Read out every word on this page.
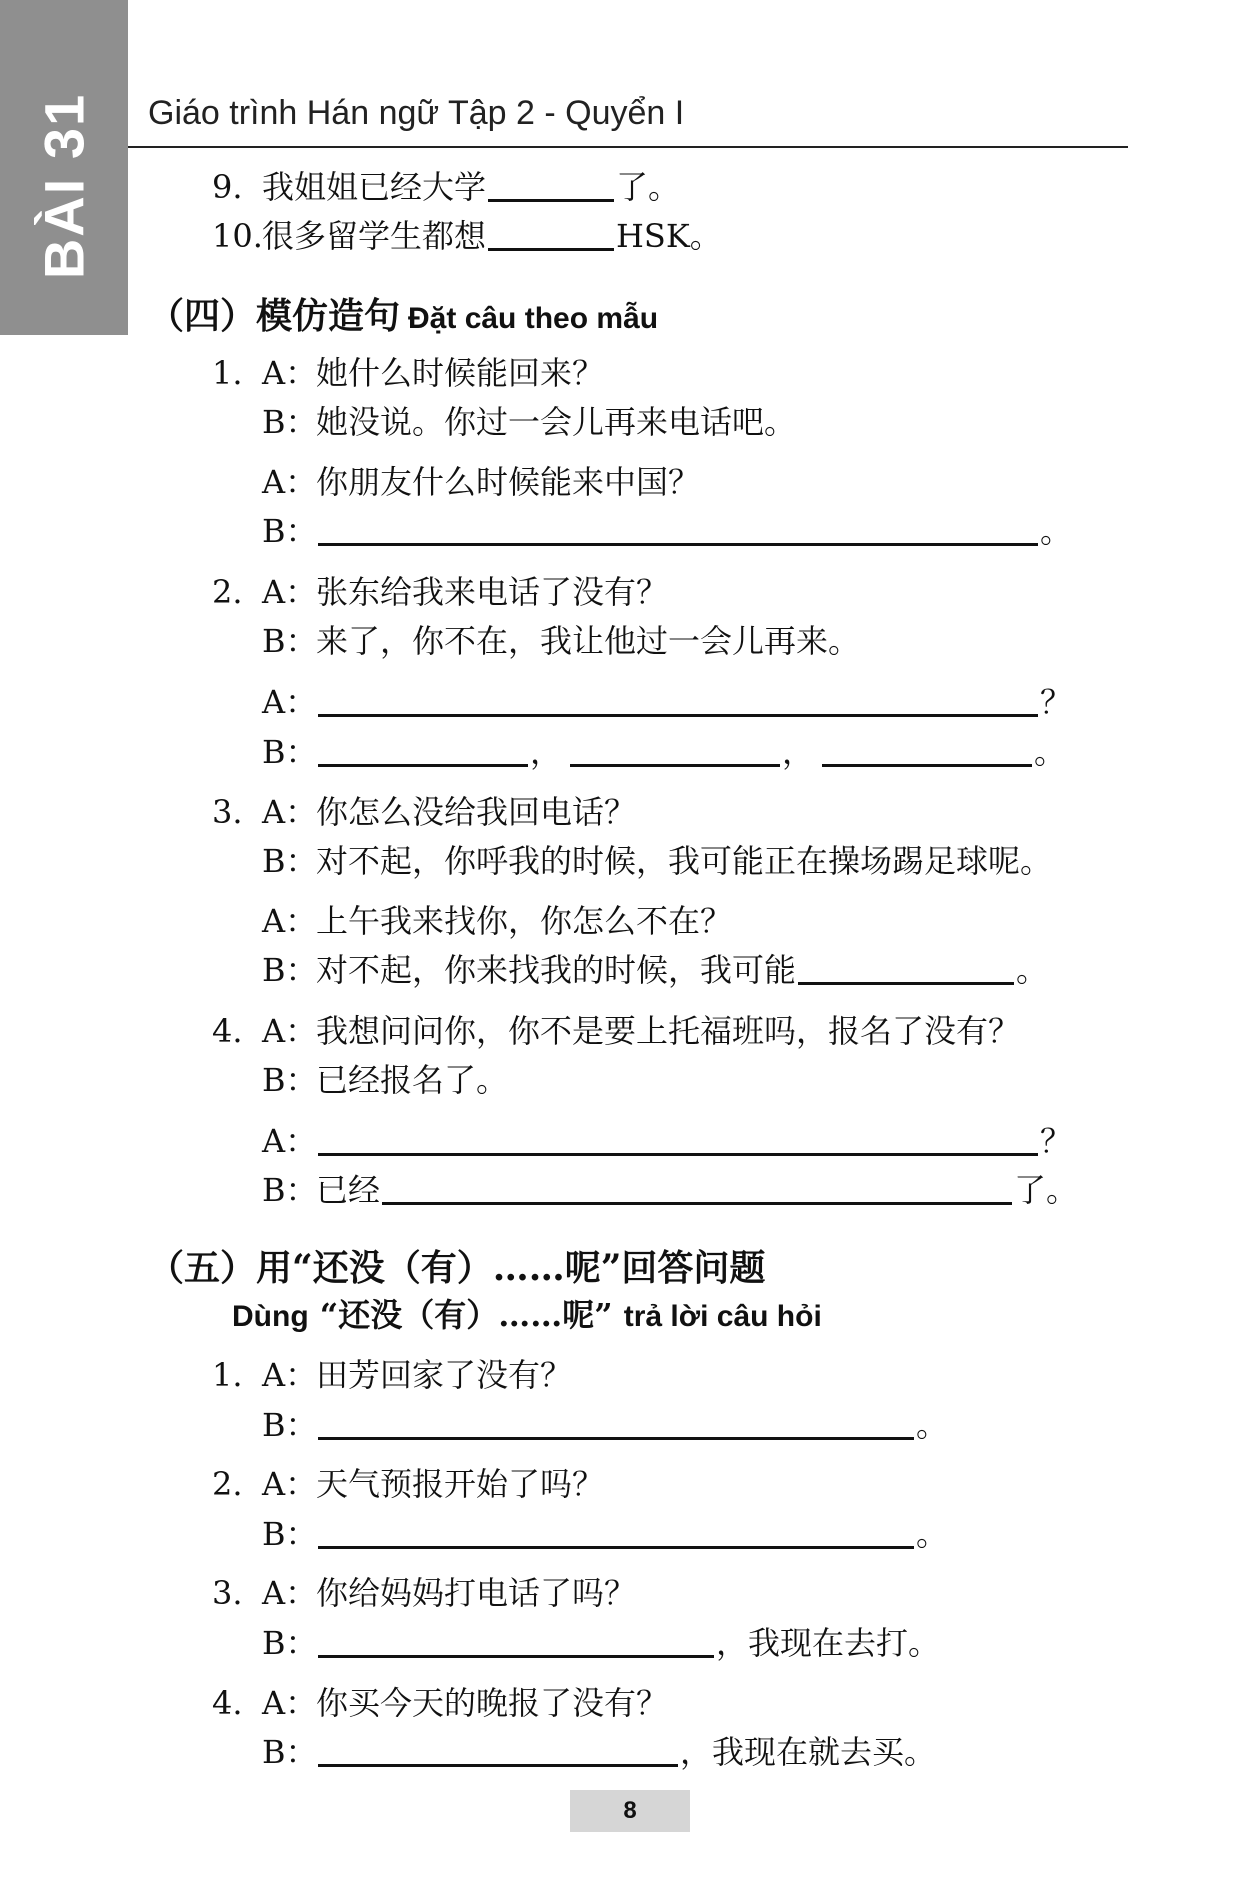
BÀI 31 Giáo trình Hán ngữ Tập 2 - Quyển I
9. 我姐姐已经大学	了。
10.很多留学生都想	HSK。
（四）模仿造句 Đặt câu theo mẫu
1. A：她什么时候能回来？
B：她没说。你过一会儿再来电话吧。
A：你朋友什么时候能来中国？
B：	。
2. A：张东给我来电话了没有？
B：来了，你不在，我让他过一会儿再来。
A：	？
B：	，	，	。
3. A：你怎么没给我回电话？
B：对不起，你呼我的时候，我可能正在操场踢足球呢。
A：上午我来找你，你怎么不在？
B：对不起，你来找我的时候，我可能	。
4. A：我想问问你，你不是要上托福班吗，报名了没有？
B：已经报名了。
A：	？
B：已经	了。
（五）用“还没（有）……呢”回答问题
Dùng “还没（有）……呢” trả lời câu hỏi
1. A：田芳回家了没有？
B：	。
2. A：天气预报开始了吗？
B：	。
3. A：你给妈妈打电话了吗？
B：	，我现在去打。
4. A：你买今天的晚报了没有？
B：	，我现在就去买。
8
